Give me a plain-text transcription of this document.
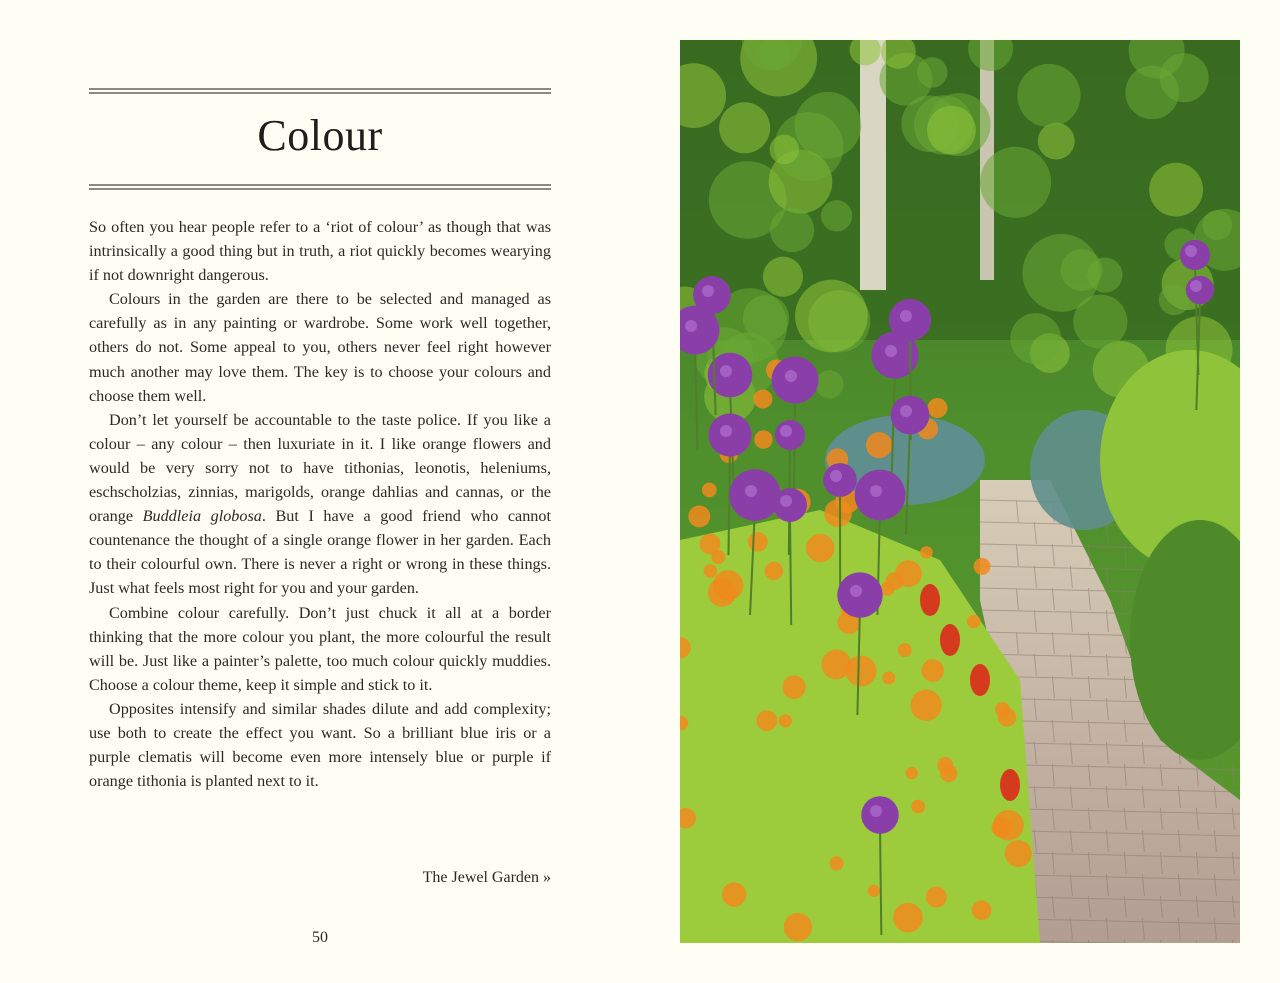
Colour

So often you hear people refer to a ‘riot of colour’ as though that was intrinsically a good thing but in truth, a riot quickly becomes wearying if not downright dangerous.

Colours in the garden are there to be selected and managed as carefully as in any painting or wardrobe. Some work well together, others do not. Some appeal to you, others never feel right however much another may love them. The key is to choose your colours and choose them well.

Don’t let yourself be accountable to the taste police. If you like a colour – any colour – then luxuriate in it. I like orange flowers and would be very sorry not to have tithonias, leonotis, heleniums, eschscholzias, zinnias, marigolds, orange dahlias and cannas, or the orange Buddleia globosa. But I have a good friend who cannot countenance the thought of a single orange flower in her garden. Each to their colourful own. There is never a right or wrong in these things. Just what feels most right for you and your garden.

Combine colour carefully. Don’t just chuck it all at a border thinking that the more colour you plant, the more colourful the result will be. Just like a painter’s palette, too much colour quickly muddies. Choose a colour theme, keep it simple and stick to it.

Opposites intensify and similar shades dilute and add complexity; use both to create the effect you want. So a brilliant blue iris or a purple clematis will become even more intensely blue or purple if orange tithonia is planted next to it.

The Jewel Garden »
50
